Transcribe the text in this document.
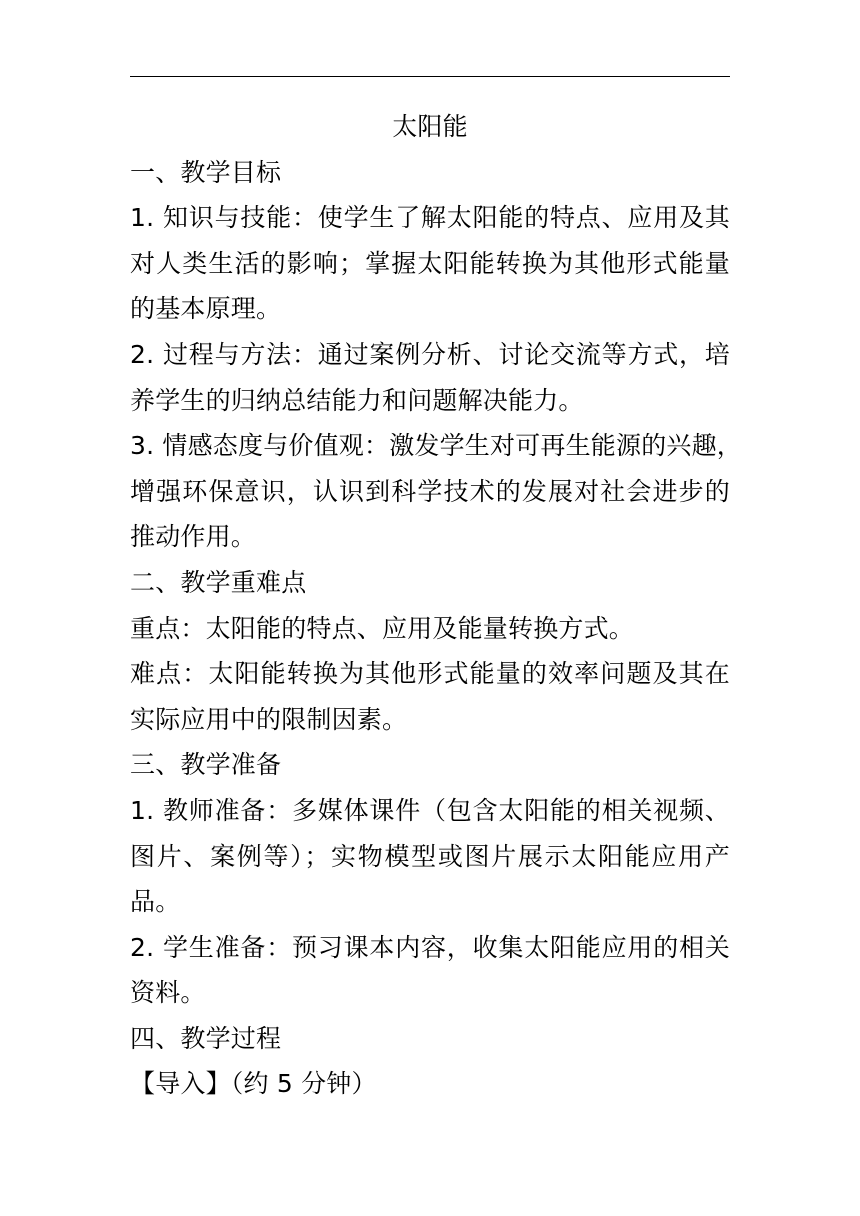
太阳能
一、教学目标
1. 知识与技能：使学生了解太阳能的特点、应用及其
对人类生活的影响；掌握太阳能转换为其他形式能量
的基本原理。
2. 过程与方法：通过案例分析、讨论交流等方式，培
养学生的归纳总结能力和问题解决能力。
3. 情感态度与价值观：激发学生对可再生能源的兴趣，
增强环保意识，认识到科学技术的发展对社会进步的
推动作用。
二、教学重难点
重点：太阳能的特点、应用及能量转换方式。
难点：太阳能转换为其他形式能量的效率问题及其在
实际应用中的限制因素。
三、教学准备
1. 教师准备：多媒体课件（包含太阳能的相关视频、
图片、案例等）；实物模型或图片展示太阳能应用产
品。
2. 学生准备：预习课本内容，收集太阳能应用的相关
资料。
四、教学过程
【导入】（约 5 分钟）
